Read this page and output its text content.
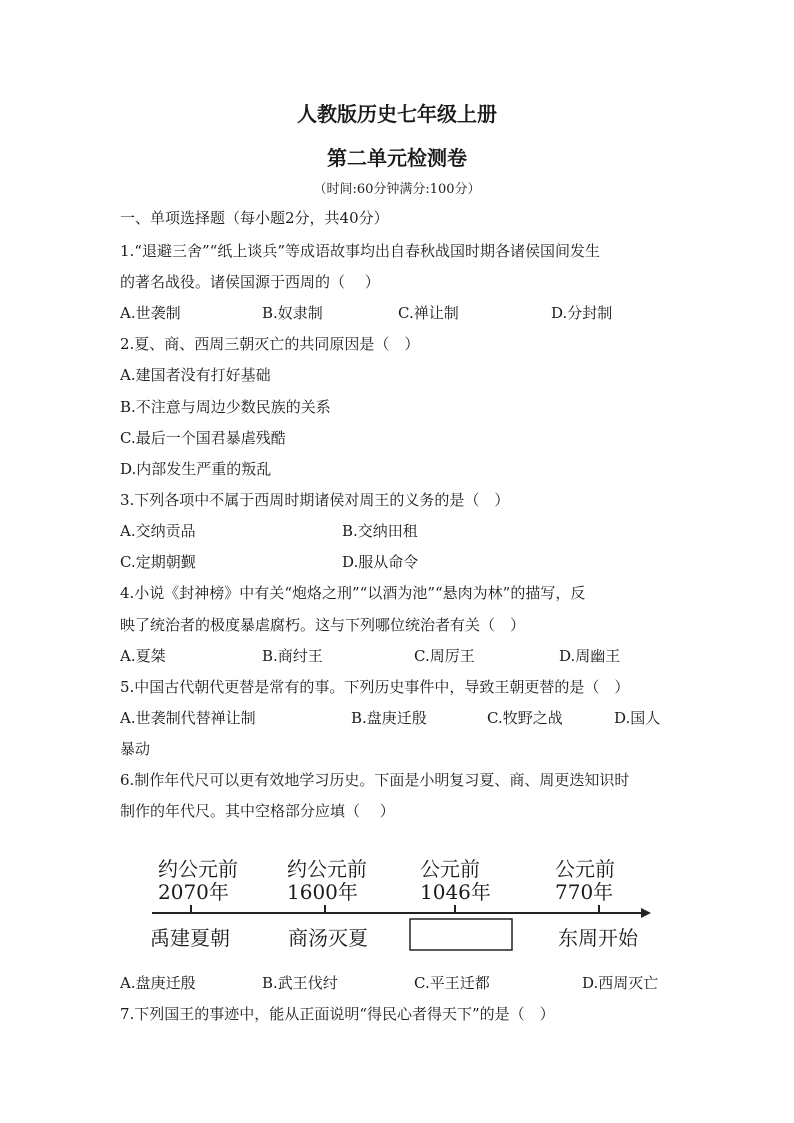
人教版历史七年级上册
第二单元检测卷
（时间:60分钟满分:100分）
一、单项选择题（每小题2分，共40分）
1.“退避三舍”“纸上谈兵”等成语故事均出自春秋战国时期各诸侯国间发生
的著名战役。诸侯国源于西周的（　 ）
A.世袭制	B.奴隶制	C.禅让制	D.分封制
2.夏、商、西周三朝灭亡的共同原因是（　）
A.建国者没有打好基础
B.不注意与周边少数民族的关系
C.最后一个国君暴虐残酷
D.内部发生严重的叛乱
3.下列各项中不属于西周时期诸侯对周王的义务的是（　）
A.交纳贡品	B.交纳田租
C.定期朝觐	D.服从命令
4.小说《封神榜》中有关“炮烙之刑”“以酒为池”“悬肉为林”的描写，反
映了统治者的极度暴虐腐朽。这与下列哪位统治者有关（　）
A.夏桀	B.商纣王	C.周厉王	D.周幽王
5.中国古代朝代更替是常有的事。下列历史事件中，导致王朝更替的是（　）
A.世袭制代替禅让制	B.盘庚迁殷	C.牧野之战	D.国人
暴动
6.制作年代尺可以更有效地学习历史。下面是小明复习夏、商、周更迭知识时
制作的年代尺。其中空格部分应填（　 ）
约公元前
2070年
约公元前
1600年
公元前
1046年
公元前
770年
禹建夏朝	商汤灭夏	东周开始
A.盘庚迁殷	B.武王伐纣	C.平王迁都	D.西周灭亡
7.下列国王的事迹中，能从正面说明“得民心者得天下”的是（　）
